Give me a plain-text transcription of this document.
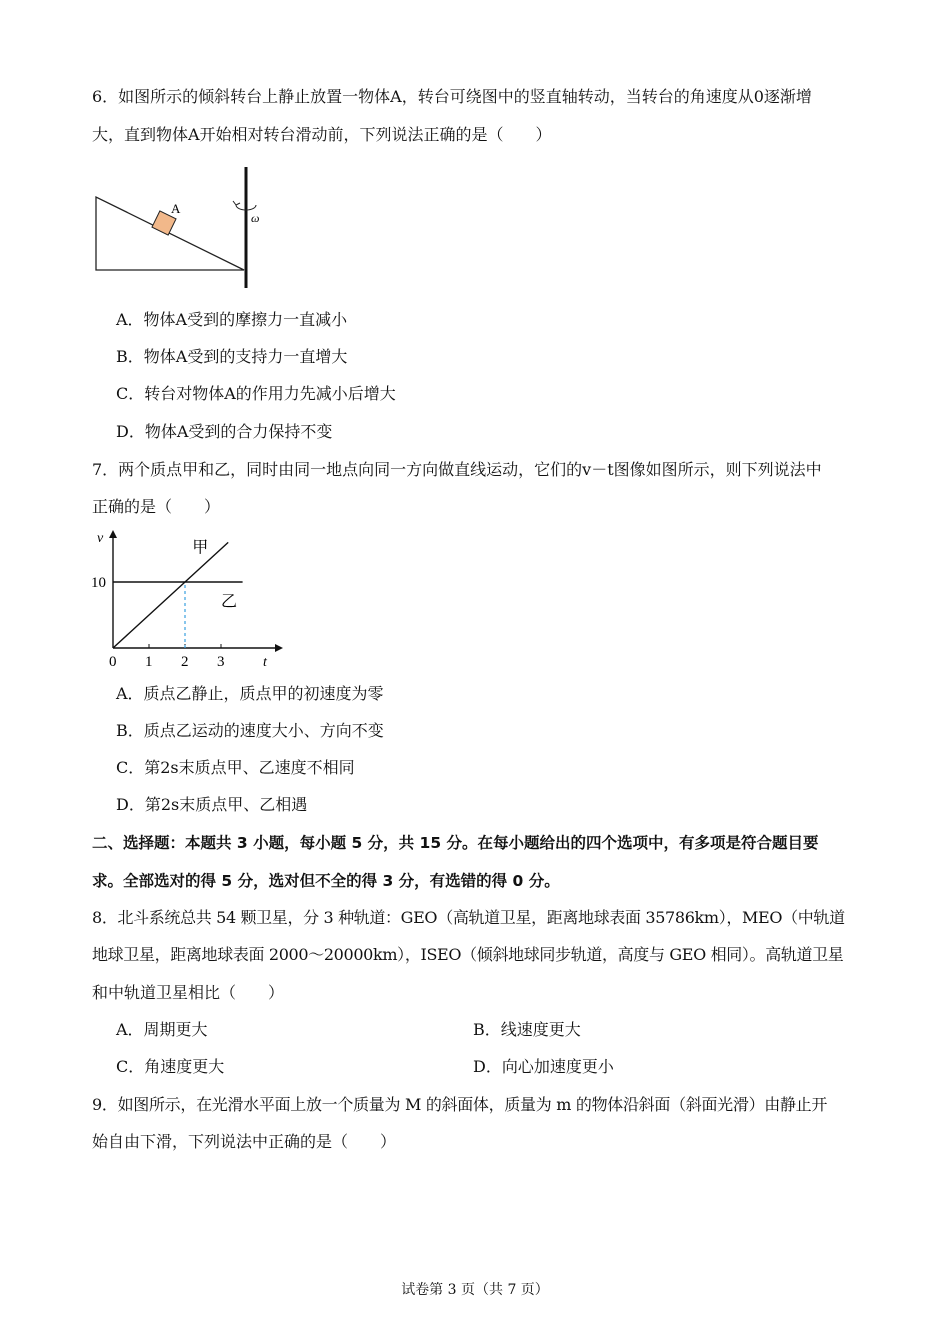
6．如图所示的倾斜转台上静止放置一物体A，转台可绕图中的竖直轴转动，当转台的角速度从0逐渐增
大，直到物体A开始相对转台滑动前，下列说法正确的是（　　）
A
ω
A．物体A受到的摩擦力一直减小
B．物体A受到的支持力一直增大
C．转台对物体A的作用力先减小后增大
D．物体A受到的合力保持不变
7．两个质点甲和乙，同时由同一地点向同一方向做直线运动，它们的v－t图像如图所示，则下列说法中
正确的是（　　）
v
t
0 1 2 3
10
甲
乙
A．质点乙静止，质点甲的初速度为零
B．质点乙运动的速度大小、方向不变
C．第2s末质点甲、乙速度不相同
D．第2s末质点甲、乙相遇
二、选择题：本题共 3 小题，每小题 5 分，共 15 分。在每小题给出的四个选项中，有多项是符合题目要
求。全部选对的得 5 分，选对但不全的得 3 分，有选错的得 0 分。
8．北斗系统总共 54 颗卫星，分 3 种轨道：GEO（高轨道卫星，距离地球表面 35786km），MEO（中轨道
地球卫星，距离地球表面 2000～20000km），ISEO（倾斜地球同步轨道，高度与 GEO 相同）。高轨道卫星
和中轨道卫星相比（　　）
A．周期更大	B．线速度更大
C．角速度更大	D．向心加速度更小
9．如图所示，在光滑水平面上放一个质量为 M 的斜面体，质量为 m 的物体沿斜面（斜面光滑）由静止开
始自由下滑，下列说法中正确的是（　　）
试卷第 3 页（共 7 页）
